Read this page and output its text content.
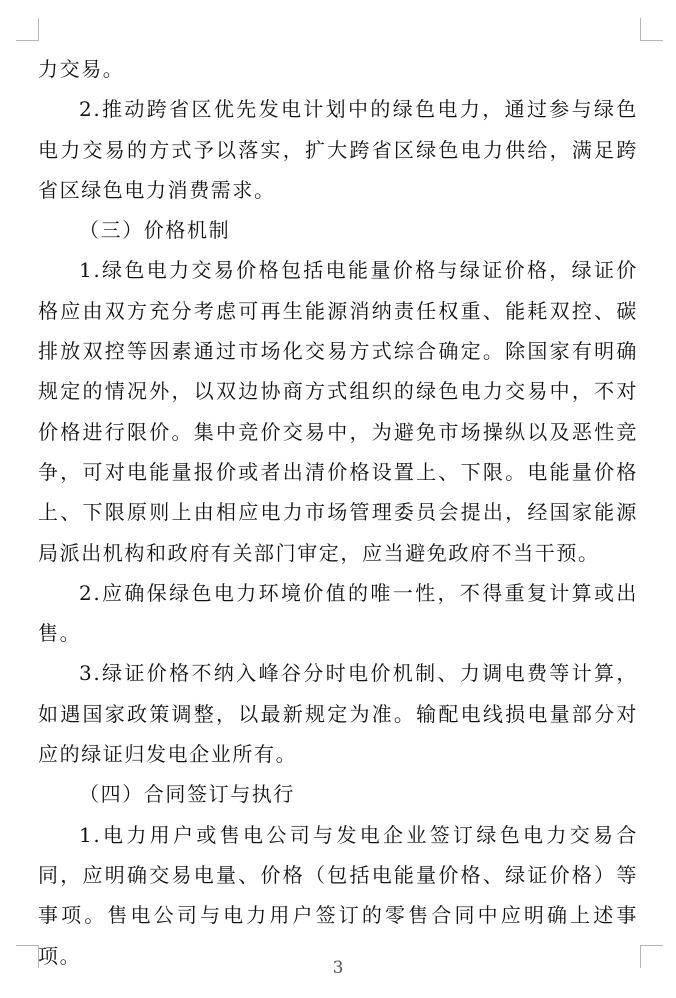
力交易。

2.推动跨省区优先发电计划中的绿色电力，通过参与绿色电力交易的方式予以落实，扩大跨省区绿色电力供给，满足跨省区绿色电力消费需求。

（三）价格机制

1.绿色电力交易价格包括电能量价格与绿证价格，绿证价格应由双方充分考虑可再生能源消纳责任权重、能耗双控、碳排放双控等因素通过市场化交易方式综合确定。除国家有明确规定的情况外，以双边协商方式组织的绿色电力交易中，不对价格进行限价。集中竞价交易中，为避免市场操纵以及恶性竞争，可对电能量报价或者出清价格设置上、下限。电能量价格上、下限原则上由相应电力市场管理委员会提出，经国家能源局派出机构和政府有关部门审定，应当避免政府不当干预。

2.应确保绿色电力环境价值的唯一性，不得重复计算或出售。

3.绿证价格不纳入峰谷分时电价机制、力调电费等计算，如遇国家政策调整，以最新规定为准。输配电线损电量部分对应的绿证归发电企业所有。

（四）合同签订与执行

1.电力用户或售电公司与发电企业签订绿色电力交易合同，应明确交易电量、价格（包括电能量价格、绿证价格）等事项。售电公司与电力用户签订的零售合同中应明确上述事项。

3
